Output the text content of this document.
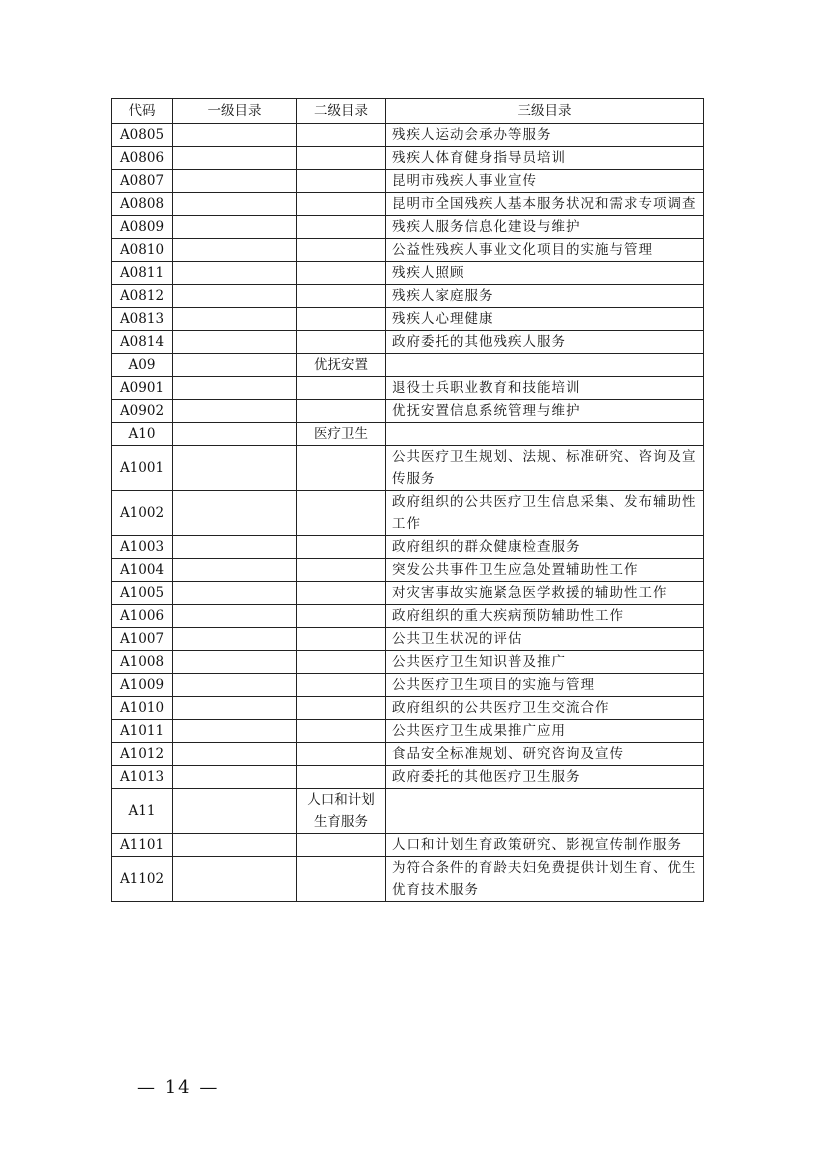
代码	一级目录	二级目录	三级目录
A0805			残疾人运动会承办等服务
A0806			残疾人体育健身指导员培训
A0807			昆明市残疾人事业宣传
A0808			昆明市全国残疾人基本服务状况和需求专项调查
A0809			残疾人服务信息化建设与维护
A0810			公益性残疾人事业文化项目的实施与管理
A0811			残疾人照顾
A0812			残疾人家庭服务
A0813			残疾人心理健康
A0814			政府委托的其他残疾人服务
A09		优抚安置	
A0901			退役士兵职业教育和技能培训
A0902			优抚安置信息系统管理与维护
A10		医疗卫生	
A1001			公共医疗卫生规划、法规、标准研究、咨询及宣传服务
A1002			政府组织的公共医疗卫生信息采集、发布辅助性工作
A1003			政府组织的群众健康检查服务
A1004			突发公共事件卫生应急处置辅助性工作
A1005			对灾害事故实施紧急医学救援的辅助性工作
A1006			政府组织的重大疾病预防辅助性工作
A1007			公共卫生状况的评估
A1008			公共医疗卫生知识普及推广
A1009			公共医疗卫生项目的实施与管理
A1010			政府组织的公共医疗卫生交流合作
A1011			公共医疗卫生成果推广应用
A1012			食品安全标准规划、研究咨询及宣传
A1013			政府委托的其他医疗卫生服务
A11		人口和计划生育服务	
A1101			人口和计划生育政策研究、影视宣传制作服务
A1102			为符合条件的育龄夫妇免费提供计划生育、优生优育技术服务
— 14 —
